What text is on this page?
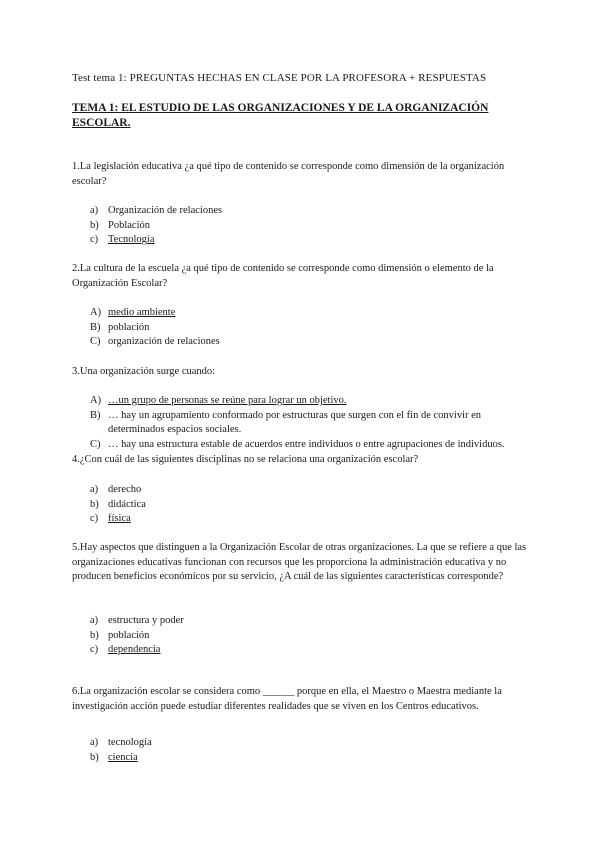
Test tema 1: PREGUNTAS HECHAS EN CLASE POR LA PROFESORA + RESPUESTAS
TEMA 1: EL ESTUDIO DE LAS ORGANIZACIONES Y DE LA ORGANIZACIÓN ESCOLAR.
1.La legislación educativa ¿a qué tipo de contenido se corresponde como dimensión de la organización escolar?
a) Organización de relaciones
b) Población
c) Tecnología
2.La cultura de la escuela ¿a qué tipo de contenido se corresponde como dimensión o elemento de la Organización Escolar?
A) medio ambiente
B) población
C) organización de relaciones
3.Una organización surge cuando:
A) …un grupo de personas se reúne para lograr un objetivo.
B) … hay un agrupamiento conformado por estructuras que surgen con el fin de convivir en determinados espacios sociales.
C) … hay una estructura estable de acuerdos entre individuos o entre agrupaciones de individuos.
4.¿Con cuál de las siguientes disciplinas no se relaciona una organización escolar?
a) derecho
b) didáctica
c) física
5.Hay aspectos que distinguen a la Organización Escolar de otras organizaciones. La que se refiere a que las organizaciones educativas funcionan con recursos que les proporciona la administración educativa y no producen beneficios económicos por su servicio, ¿A cuál de las siguientes características corresponde?
a) estructura y poder
b) población
c) dependencia
6.La organización escolar se considera como ______ porque en ella, el Maestro o Maestra mediante la investigación acción puede estudiar diferentes realidades que se viven en los Centros educativos.
a) tecnología
b) ciencia
